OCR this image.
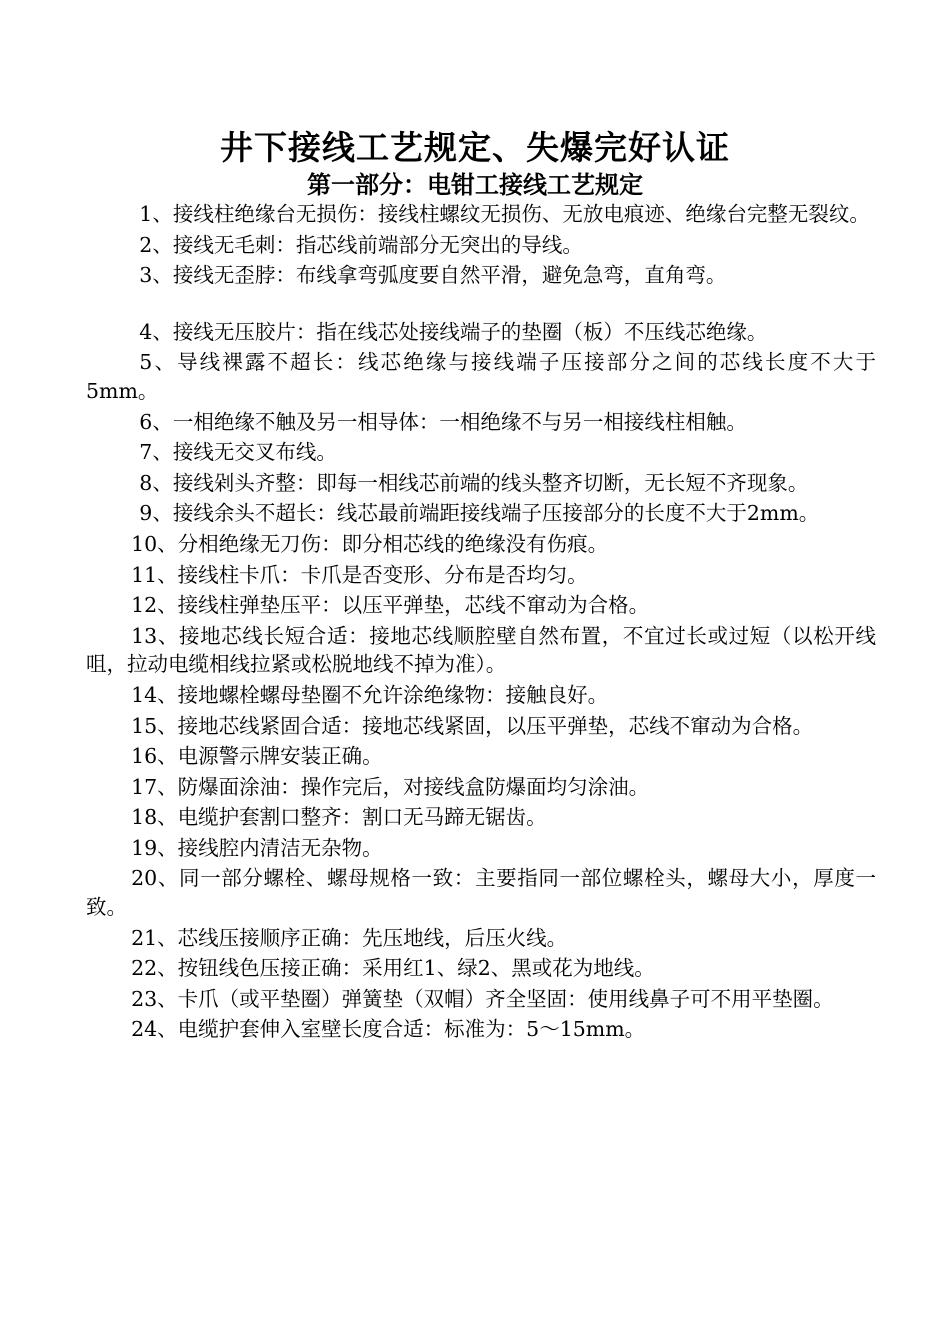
井下接线工艺规定、失爆完好认证
第一部分：电钳工接线工艺规定

1、接线柱绝缘台无损伤：接线柱螺纹无损伤、无放电痕迹、绝缘台完整无裂纹。

2、接线无毛刺：指芯线前端部分无突出的导线。

3、接线无歪脖：布线拿弯弧度要自然平滑，避免急弯，直角弯。

4、接线无压胶片：指在线芯处接线端子的垫圈（板）不压线芯绝缘。

5、导线裸露不超长：线芯绝缘与接线端子压接部分之间的芯线长度不大于5mm。

6、一相绝缘不触及另一相导体：一相绝缘不与另一相接线柱相触。

7、接线无交叉布线。

8、接线剁头齐整：即每一相线芯前端的线头整齐切断，无长短不齐现象。

9、接线余头不超长：线芯最前端距接线端子压接部分的长度不大于2mm。

10、分相绝缘无刀伤：即分相芯线的绝缘没有伤痕。

11、接线柱卡爪：卡爪是否变形、分布是否均匀。

12、接线柱弹垫压平：以压平弹垫，芯线不窜动为合格。

13、接地芯线长短合适：接地芯线顺腔壁自然布置，不宜过长或过短（以松开线咀，拉动电缆相线拉紧或松脱地线不掉为准）。

14、接地螺栓螺母垫圈不允许涂绝缘物：接触良好。

15、接地芯线紧固合适：接地芯线紧固，以压平弹垫，芯线不窜动为合格。

16、电源警示牌安装正确。

17、防爆面涂油：操作完后，对接线盒防爆面均匀涂油。

18、电缆护套割口整齐：割口无马蹄无锯齿。

19、接线腔内清洁无杂物。

20、同一部分螺栓、螺母规格一致：主要指同一部位螺栓头，螺母大小，厚度一致。

21、芯线压接顺序正确：先压地线，后压火线。

22、按钮线色压接正确：采用红1、绿2、黑或花为地线。

23、卡爪（或平垫圈）弹簧垫（双帽）齐全坚固：使用线鼻子可不用平垫圈。

24、电缆护套伸入室壁长度合适：标准为：5～15mm。
